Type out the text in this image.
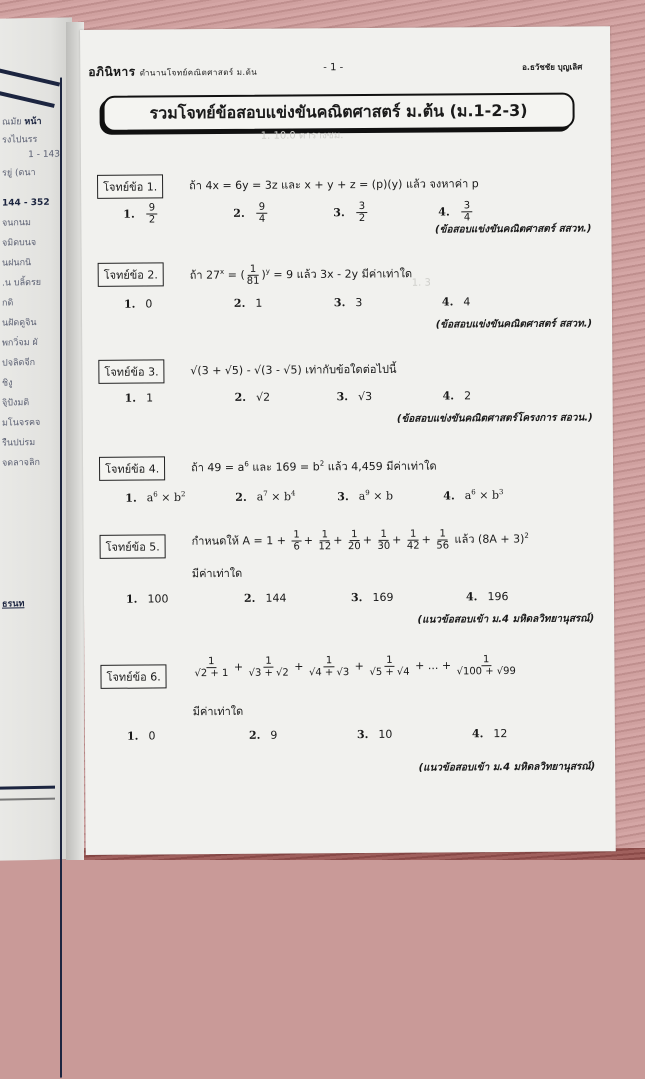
ณมัย หน้า
รงไปนรร
1 - 143
รยู่ (ดนา
144 - 352
จนกนม
จมิดบนจ
นฝนกนิ
.น บลิ้ดรย
กดิ
นฝัดดูจิน
พกวิ่จม ผั
ปจลิดจีก
ชิงู
จฺิปังมดิ
มโนจรคจ
รืนปบ่รม
จดลาจลิก
ธรนท
อภินิหาร ตำนานโจทย์คณิตศาสตร์ ม.ต้น	- 1 -	อ.ธวัชชัย บุญเลิศ
รวมโจทย์ข้อสอบแข่งขันคณิตศาสตร์ ม.ต้น (ม.1-2-3)
1. 10.0 ตารางซม.
1. 3
โจทย์ข้อ 1.	ถ้า 4x = 6y = 3z และ x + y + z = (p)(y) แล้ว จงหาค่า p
1. $\frac{9}{2}$	2. $\frac{9}{4}$	3. $\frac{3}{2}$	4. $\frac{3}{4}$
(ข้อสอบแข่งขันคณิตศาสตร์ สสวท.)
โจทย์ข้อ 2.	ถ้า $27^x$ = ( $\frac{1}{81} )^y = 9$ แล้ว 3x - 2y มีค่าเท่าใด
1. 0	2. 1	3. 3	4. 4
(ข้อสอบแข่งขันคณิตศาสตร์ สสวท.)
โจทย์ข้อ 3.	√(3 + √5) - √(3 - √5) เท่ากับข้อใดต่อไปนี้
1. 1	2. √2	3. √3	4. 2
(ข้อสอบแข่งขันคณิตศาสตร์โครงการ สอวน.)
โจทย์ข้อ 4.	ถ้า $49 = a^6$ และ $169 = b^2$ แล้ว 4,459 มีค่าเท่าใด
1. $a^6 \times b^2$	2. $a^7 \times b^4$	3. $a^9 \times b$	4. $a^6 \times b^3$
โจทย์ข้อ 5.	กำหนดให้ $A = 1 + \frac{1}{6} + \frac{1}{12} + \frac{1}{20} + \frac{1}{30} + \frac{1}{42} + \frac{1}{56}$ แล้ว $(8A + 3)^2$
มีค่าเท่าใด
1. 100	2. 144	3. 169	4. 196
(แนวข้อสอบเข้า ม.4 มหิดลวิทยานุสรณ์)
โจทย์ข้อ 6.	$\frac{1}{√2 + 1} + \frac{1}{√3 + √2} + \frac{1}{√4 + √3} + \frac{1}{√5 + √4}$ + ... + $\frac{1}{√100 + √99}$
มีค่าเท่าใด
1. 0	2. 9	3. 10	4. 12
(แนวข้อสอบเข้า ม.4 มหิดลวิทยานุสรณ์)
